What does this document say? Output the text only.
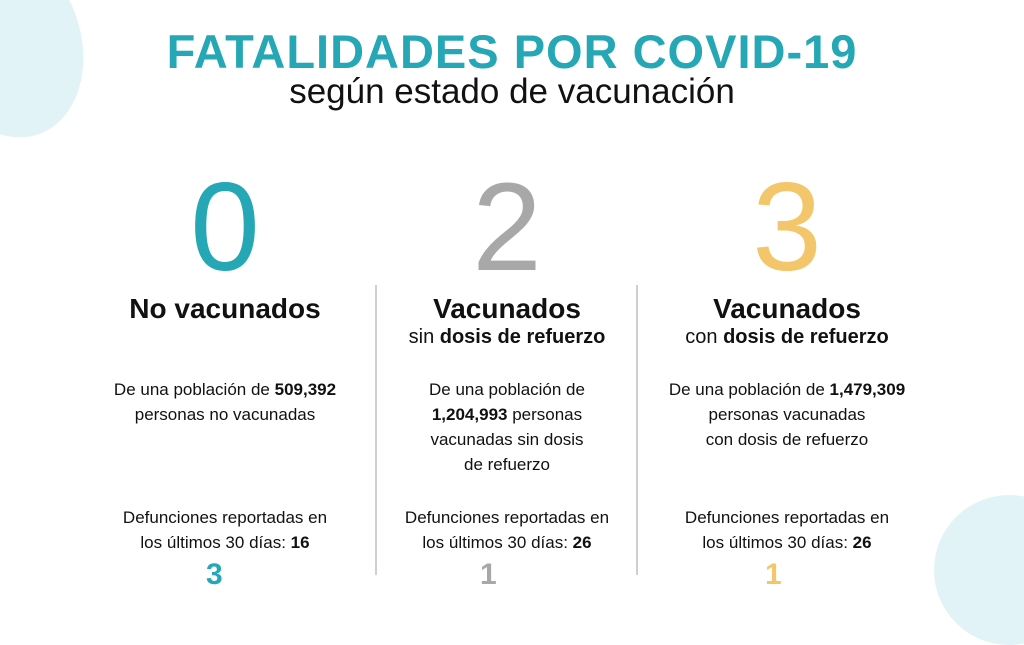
FATALIDADES POR COVID-19
según estado de vacunación
0
No vacunados
De una población de 509,392
personas no vacunadas
Defunciones reportadas en
los últimos 30 días: 16
2
Vacunados
sin dosis de refuerzo
De una población de
1,204,993 personas
vacunadas sin dosis
de refuerzo
Defunciones reportadas en
los últimos 30 días: 26
3
Vacunados
con dosis de refuerzo
De una población de 1,479,309
personas vacunadas
con dosis de refuerzo
Defunciones reportadas en
los últimos 30 días: 26
3	1	1
